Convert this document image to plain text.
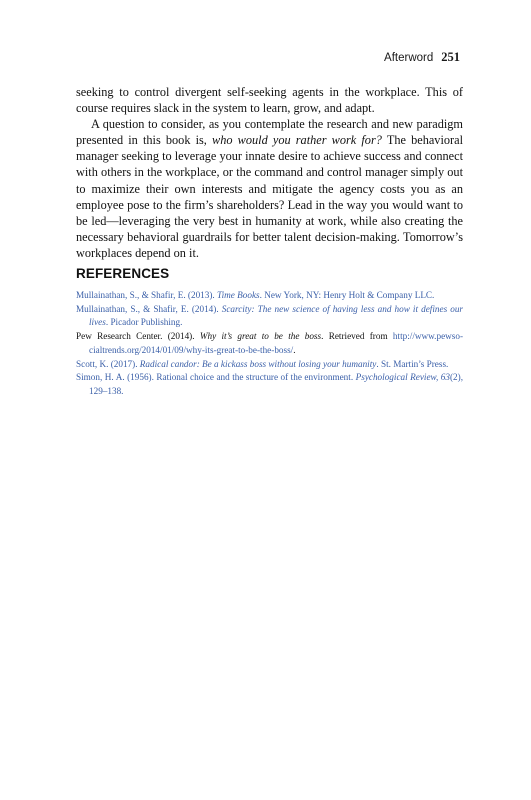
Afterword 251

seeking to control divergent self-seeking agents in the workplace. This of course requires slack in the system to learn, grow, and adapt.

A question to consider, as you contemplate the research and new paradigm presented in this book is, who would you rather work for? The behavioral manager seeking to leverage your innate desire to achieve success and connect with others in the workplace, or the command and control manager simply out to maximize their own interests and mitigate the agency costs you as an employee pose to the firm’s shareholders? Lead in the way you would want to be led—leveraging the very best in humanity at work, while also creating the necessary behavioral guardrails for better talent decision-making. Tomorrow’s workplaces depend on it.

REFERENCES
Mullainathan, S., & Shafir, E. (2013). Time Books. New York, NY: Henry Holt & Company LLC.
Mullainathan, S., & Shafir, E. (2014). Scarcity: The new science of having less and how it defines our lives. Picador Publishing.
Pew Research Center. (2014). Why it’s great to be the boss. Retrieved from http://www.pewsocialtrends.org/2014/01/09/why-its-great-to-be-the-boss/.
Scott, K. (2017). Radical candor: Be a kickass boss without losing your humanity. St. Martin’s Press.
Simon, H. A. (1956). Rational choice and the structure of the environment. Psychological Review, 63(2), 129–138.
